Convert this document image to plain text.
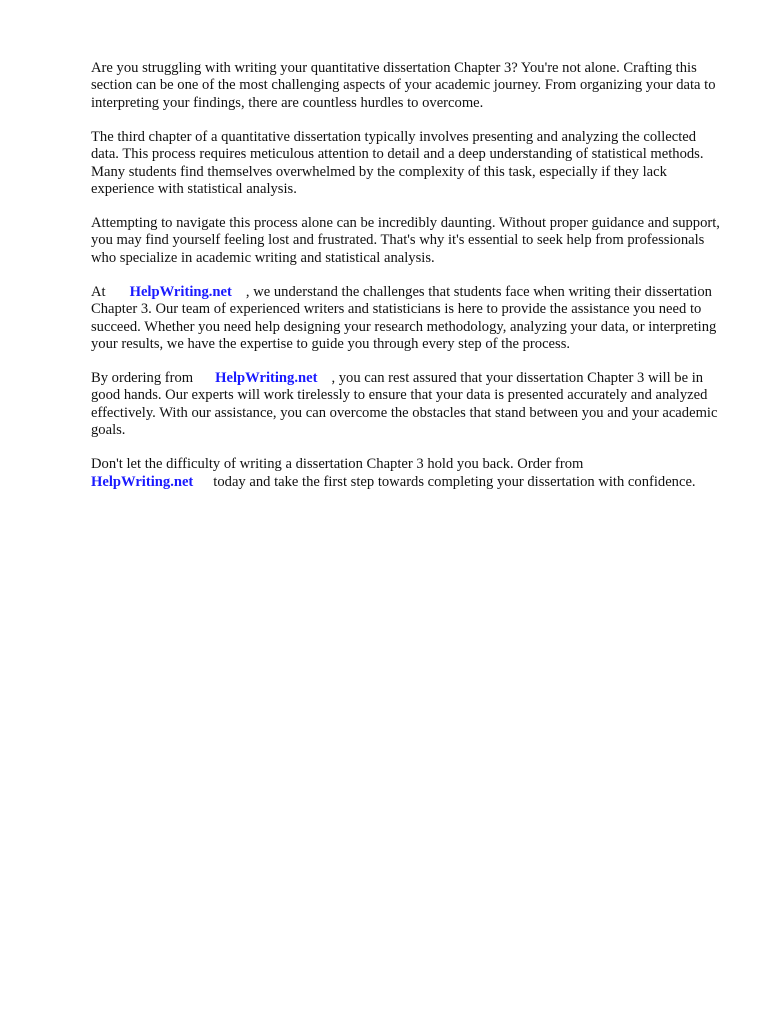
Are you struggling with writing your quantitative dissertation Chapter 3? You're not alone. Crafting this section can be one of the most challenging aspects of your academic journey. From organizing your data to interpreting your findings, there are countless hurdles to overcome.

The third chapter of a quantitative dissertation typically involves presenting and analyzing the collected data. This process requires meticulous attention to detail and a deep understanding of statistical methods. Many students find themselves overwhelmed by the complexity of this task, especially if they lack experience with statistical analysis.

Attempting to navigate this process alone can be incredibly daunting. Without proper guidance and support, you may find yourself feeling lost and frustrated. That's why it's essential to seek help from professionals who specialize in academic writing and statistical analysis.

At HelpWriting.net , we understand the challenges that students face when writing their dissertation Chapter 3. Our team of experienced writers and statisticians is here to provide the assistance you need to succeed. Whether you need help designing your research methodology, analyzing your data, or interpreting your results, we have the expertise to guide you through every step of the process.

By ordering from HelpWriting.net , you can rest assured that your dissertation Chapter 3 will be in good hands. Our experts will work tirelessly to ensure that your data is presented accurately and analyzed effectively. With our assistance, you can overcome the obstacles that stand between you and your academic goals.

Don't let the difficulty of writing a dissertation Chapter 3 hold you back. Order from
HelpWriting.net today and take the first step towards completing your dissertation with confidence.
